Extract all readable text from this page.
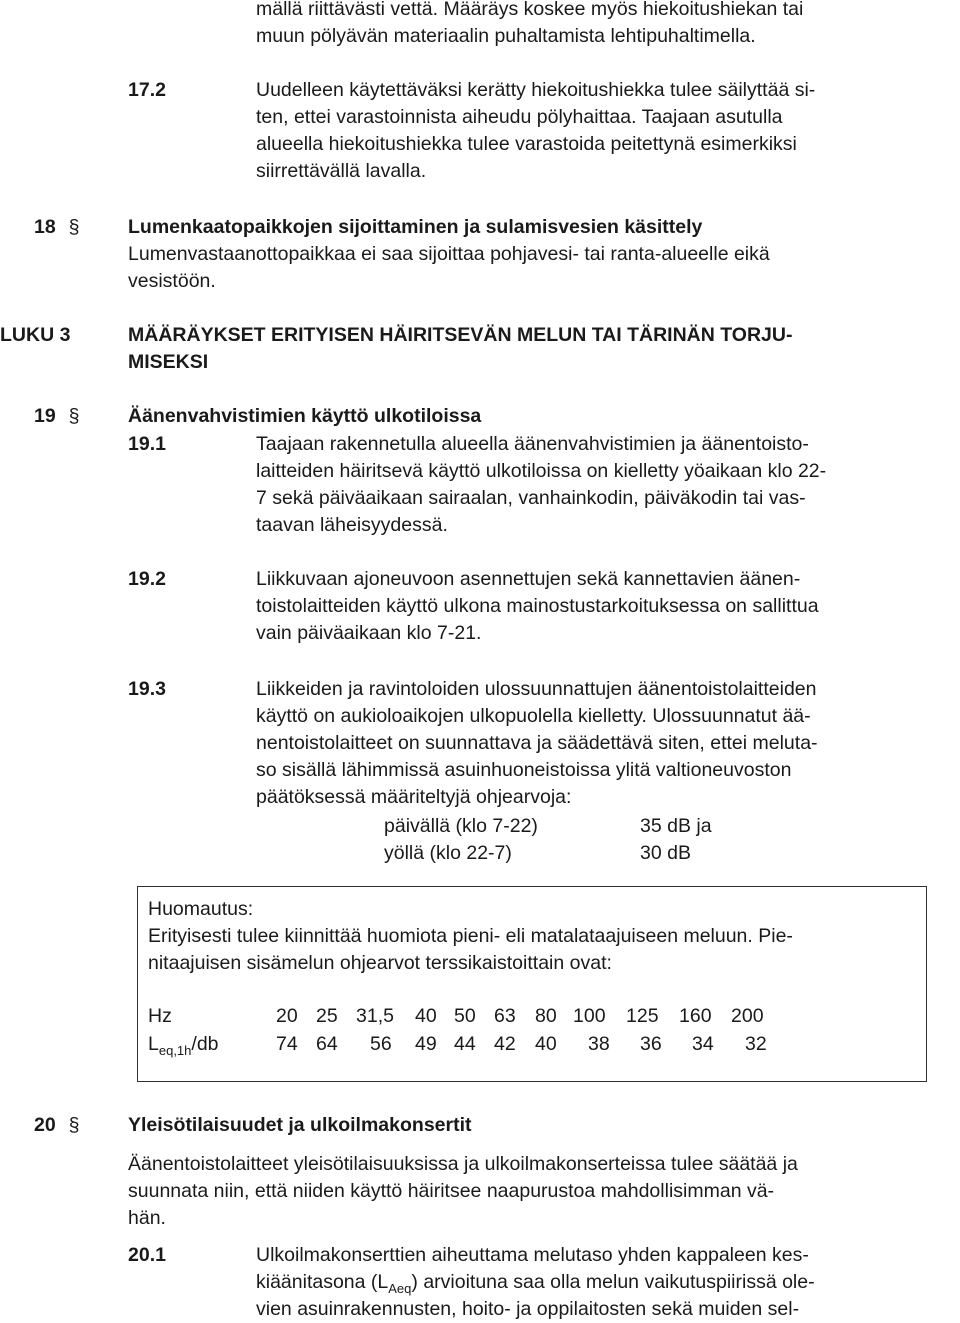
mällä riittävästi vettä. Määräys koskee myös hiekoitushiekan tai
muun pölyävän materiaalin puhaltamista lehtipuhaltimella.
17.2	Uudelleen käytettäväksi kerätty hiekoitushiekka tulee säilyttää si-
ten, ettei varastoinnista aiheudu pölyhaittaa. Taajaan asutulla
alueella hiekoitushiekka tulee varastoida peitettynä esimerkiksi
siirrettävällä lavalla.
18 § Lumenkaatopaikkojen sijoittaminen ja sulamisvesien käsittely
Lumenvastaanottopaikkaa ei saa sijoittaa pohjavesi- tai ranta-alueelle eikä
vesistöön.
LUKU 3	MÄÄRÄYKSET ERITYISEN HÄIRITSEVÄN MELUN TAI TÄRINÄN TORJU-
MISEKSI
19 § Äänenvahvistimien käyttö ulkotiloissa
19.1	Taajaan rakennetulla alueella äänenvahvistimien ja äänentoisto-
laitteiden häiritsevä käyttö ulkotiloissa on kielletty yöaikaan klo 22-
7 sekä päiväaikaan sairaalan, vanhainkodin, päiväkodin tai vas-
taavan läheisyydessä.
19.2	Liikkuvaan ajoneuvoon asennettujen sekä kannettavien äänen-
toistolaitteiden käyttö ulkona mainostustarkoituksessa on sallittua
vain päiväaikaan klo 7-21.
19.3	Liikkeiden ja ravintoloiden ulossuunnattujen äänentoistolaitteiden
käyttö on aukioloaikojen ulkopuolella kielletty. Ulossuunnatut ää-
nentoistolaitteet on suunnattava ja säädettävä siten, ettei meluta-
so sisällä lähimmissä asuinhuoneistoissa ylitä valtioneuvoston
päätöksessä määriteltyjä ohjearvoja:
päivällä (klo 7-22)	35 dB ja
yöllä (klo 22-7)	30 dB
Huomautus:
Erityisesti tulee kiinnittää huomiota pieni- eli matalataajuiseen meluun. Pie-
nitaajuisen sisämelun ohjearvot terssikaistoittain ovat:
Hz	20 25 31,5 40 50 63 80 100 125 160 200
$L_{eq,1h}/db$	74 64 56 49 44 42 40 38 36 34 32
20 § Yleisötilaisuudet ja ulkoilmakonsertit
Äänentoistolaitteet yleisötilaisuuksissa ja ulkoilmakonserteissa tulee säätää ja
suunnata niin, että niiden käyttö häiritsee naapurustoa mahdollisimman vä-
hän.
20.1	Ulkoilmakonserttien aiheuttama melutaso yhden kappaleen kes-
kiäänitasona $(L_{Aeq})$ arvioituna saa olla melun vaikutuspiirissä ole-
vien asuinrakennusten, hoito- ja oppilaitosten sekä muiden sel-
